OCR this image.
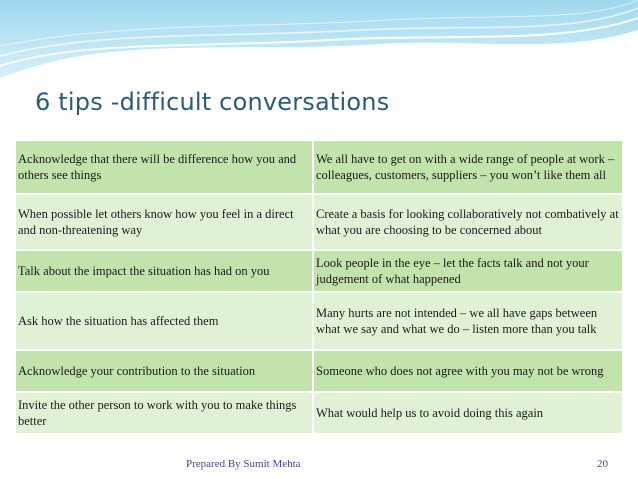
6 tips -difficult conversations
Acknowledge that there will be difference how you and others see things	We all have to get on with a wide range of people at work – colleagues, customers, suppliers – you won’t like them all
When possible let others know how you feel in a direct and non-threatening way	Create a basis for looking collaboratively not combatively at what you are choosing to be concerned about
Talk about the impact the situation has had on you	Look people in the eye – let the facts talk and not your judgement of what happened
Ask how the situation has affected them	Many hurts are not intended – we all have gaps between what we say and what we do – listen more than you talk
Acknowledge your contribution to the situation	Someone who does not agree with you may not be wrong
Invite the other person to work with you to make things better	What would help us to avoid doing this again
Prepared By Sumit Mehta	20
